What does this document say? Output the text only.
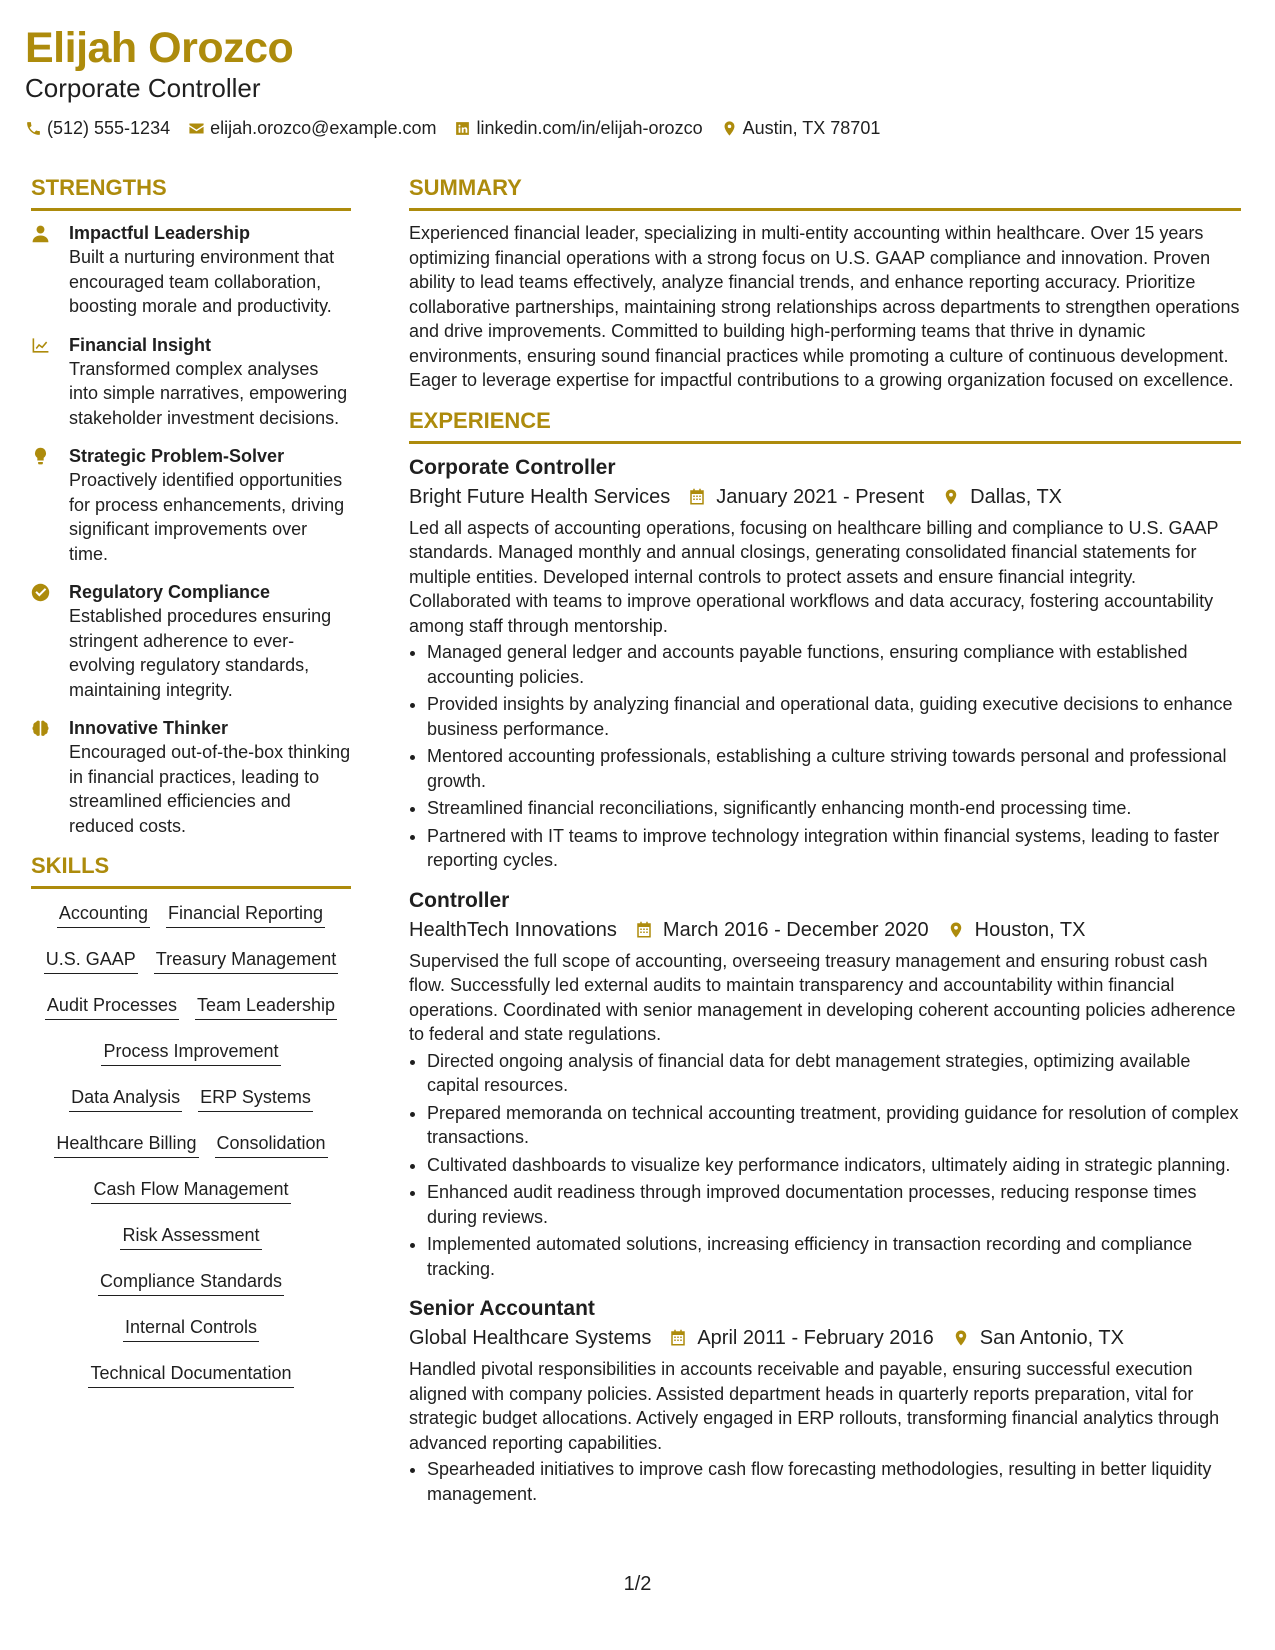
Elijah Orozco
Corporate Controller
(512) 555-1234 elijah.orozco@example.com linkedin.com/in/elijah-orozco Austin, TX 78701
STRENGTHS
Impactful Leadership
Built a nurturing environment that encouraged team collaboration, boosting morale and productivity.
Financial Insight
Transformed complex analyses into simple narratives, empowering stakeholder investment decisions.
Strategic Problem-Solver
Proactively identified opportunities for process enhancements, driving significant improvements over time.
Regulatory Compliance
Established procedures ensuring stringent adherence to ever-evolving regulatory standards, maintaining integrity.
Innovative Thinker
Encouraged out-of-the-box thinking in financial practices, leading to streamlined efficiencies and reduced costs.
SKILLS
Accounting Financial Reporting
U.S. GAAP Treasury Management
Audit Processes Team Leadership
Process Improvement
Data Analysis ERP Systems
Healthcare Billing Consolidation
Cash Flow Management
Risk Assessment
Compliance Standards
Internal Controls
Technical Documentation
SUMMARY
Experienced financial leader, specializing in multi-entity accounting within healthcare. Over 15 years optimizing financial operations with a strong focus on U.S. GAAP compliance and innovation. Proven ability to lead teams effectively, analyze financial trends, and enhance reporting accuracy. Prioritize collaborative partnerships, maintaining strong relationships across departments to strengthen operations and drive improvements. Committed to building high-performing teams that thrive in dynamic environments, ensuring sound financial practices while promoting a culture of continuous development. Eager to leverage expertise for impactful contributions to a growing organization focused on excellence.
EXPERIENCE
Corporate Controller
Bright Future Health Services January 2021 - Present Dallas, TX
Led all aspects of accounting operations, focusing on healthcare billing and compliance to U.S. GAAP standards. Managed monthly and annual closings, generating consolidated financial statements for multiple entities. Developed internal controls to protect assets and ensure financial integrity. Collaborated with teams to improve operational workflows and data accuracy, fostering accountability among staff through mentorship.
• Managed general ledger and accounts payable functions, ensuring compliance with established accounting policies.
• Provided insights by analyzing financial and operational data, guiding executive decisions to enhance business performance.
• Mentored accounting professionals, establishing a culture striving towards personal and professional growth.
• Streamlined financial reconciliations, significantly enhancing month-end processing time.
• Partnered with IT teams to improve technology integration within financial systems, leading to faster reporting cycles.
Controller
HealthTech Innovations March 2016 - December 2020 Houston, TX
Supervised the full scope of accounting, overseeing treasury management and ensuring robust cash flow. Successfully led external audits to maintain transparency and accountability within financial operations. Coordinated with senior management in developing coherent accounting policies adherence to federal and state regulations.
• Directed ongoing analysis of financial data for debt management strategies, optimizing available capital resources.
• Prepared memoranda on technical accounting treatment, providing guidance for resolution of complex transactions.
• Cultivated dashboards to visualize key performance indicators, ultimately aiding in strategic planning.
• Enhanced audit readiness through improved documentation processes, reducing response times during reviews.
• Implemented automated solutions, increasing efficiency in transaction recording and compliance tracking.
Senior Accountant
Global Healthcare Systems April 2011 - February 2016 San Antonio, TX
Handled pivotal responsibilities in accounts receivable and payable, ensuring successful execution aligned with company policies. Assisted department heads in quarterly reports preparation, vital for strategic budget allocations. Actively engaged in ERP rollouts, transforming financial analytics through advanced reporting capabilities.
• Spearheaded initiatives to improve cash flow forecasting methodologies, resulting in better liquidity management.
1/2
